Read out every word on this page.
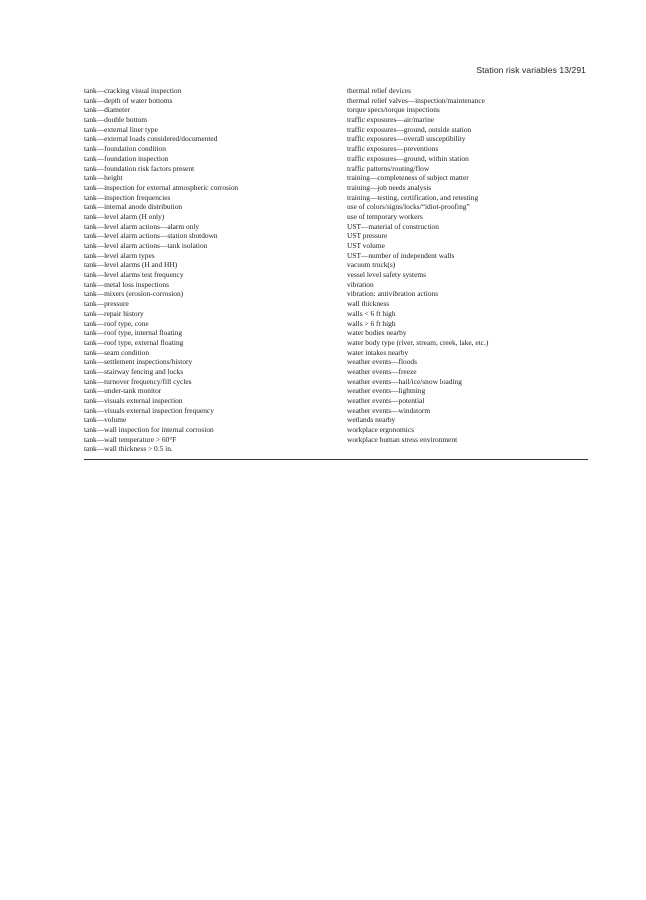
Station risk variables 13/291
tank—cracking visual inspection
tank—depth of water bottoms
tank—diameter
tank—double bottom
tank—external liner type
tank—external loads considered/documented
tank—foundation condition
tank—foundation inspection
tank—foundation risk factors present
tank—height
tank—inspection for external atmospheric corrosion
tank—inspection frequencies
tank—internal anode distribution
tank—level alarm (H only)
tank—level alarm actions—alarm only
tank—level alarm actions—station shutdown
tank—level alarm actions—tank isolation
tank—level alarm types
tank—level alarms (H and HH)
tank—level alarms test frequency
tank—metal loss inspections
tank—mixers (erosion-corrosion)
tank—pressure
tank—repair history
tank—roof type, cone
tank—roof type, internal floating
tank—roof type, external floating
tank—seam condition
tank—settlement inspections/history
tank—stairway fencing and locks
tank—turnover frequency/fill cycles
tank—under-tank monitor
tank—visuals external inspection
tank—visuals external inspection frequency
tank—volume
tank—wall inspection for internal corrosion
tank—wall temperature > 60°F
tank—wall thickness > 0.5 in.
thermal relief devices
thermal relief valves—inspection/maintenance
torque specs/torque inspections
traffic exposures—air/marine
traffic exposures—ground, outside station
traffic exposures—overall susceptibility
traffic exposures—preventions
traffic exposures—ground, within station
traffic patterns/routing/flow
training—completeness of subject matter
training—job needs analysis
training—testing, certification, and retesting
use of colors/signs/locks/“idiot-proofing”
use of temporary workers
UST—material of construction
UST pressure
UST volume
UST—number of independent walls
vacuum truck(s)
vessel level safety systems
vibration
vibration: antivibration actions
wall thickness
walls < 6 ft high
walls > 6 ft high
water bodies nearby
water body type (river, stream, creek, lake, etc.)
water intakes nearby
weather events—floods
weather events—freeze
weather events—hail/ice/snow loading
weather events—lightning
weather events—potential
weather events—windstorm
wetlands nearby
workplace ergonomics
workplace human stress environment
